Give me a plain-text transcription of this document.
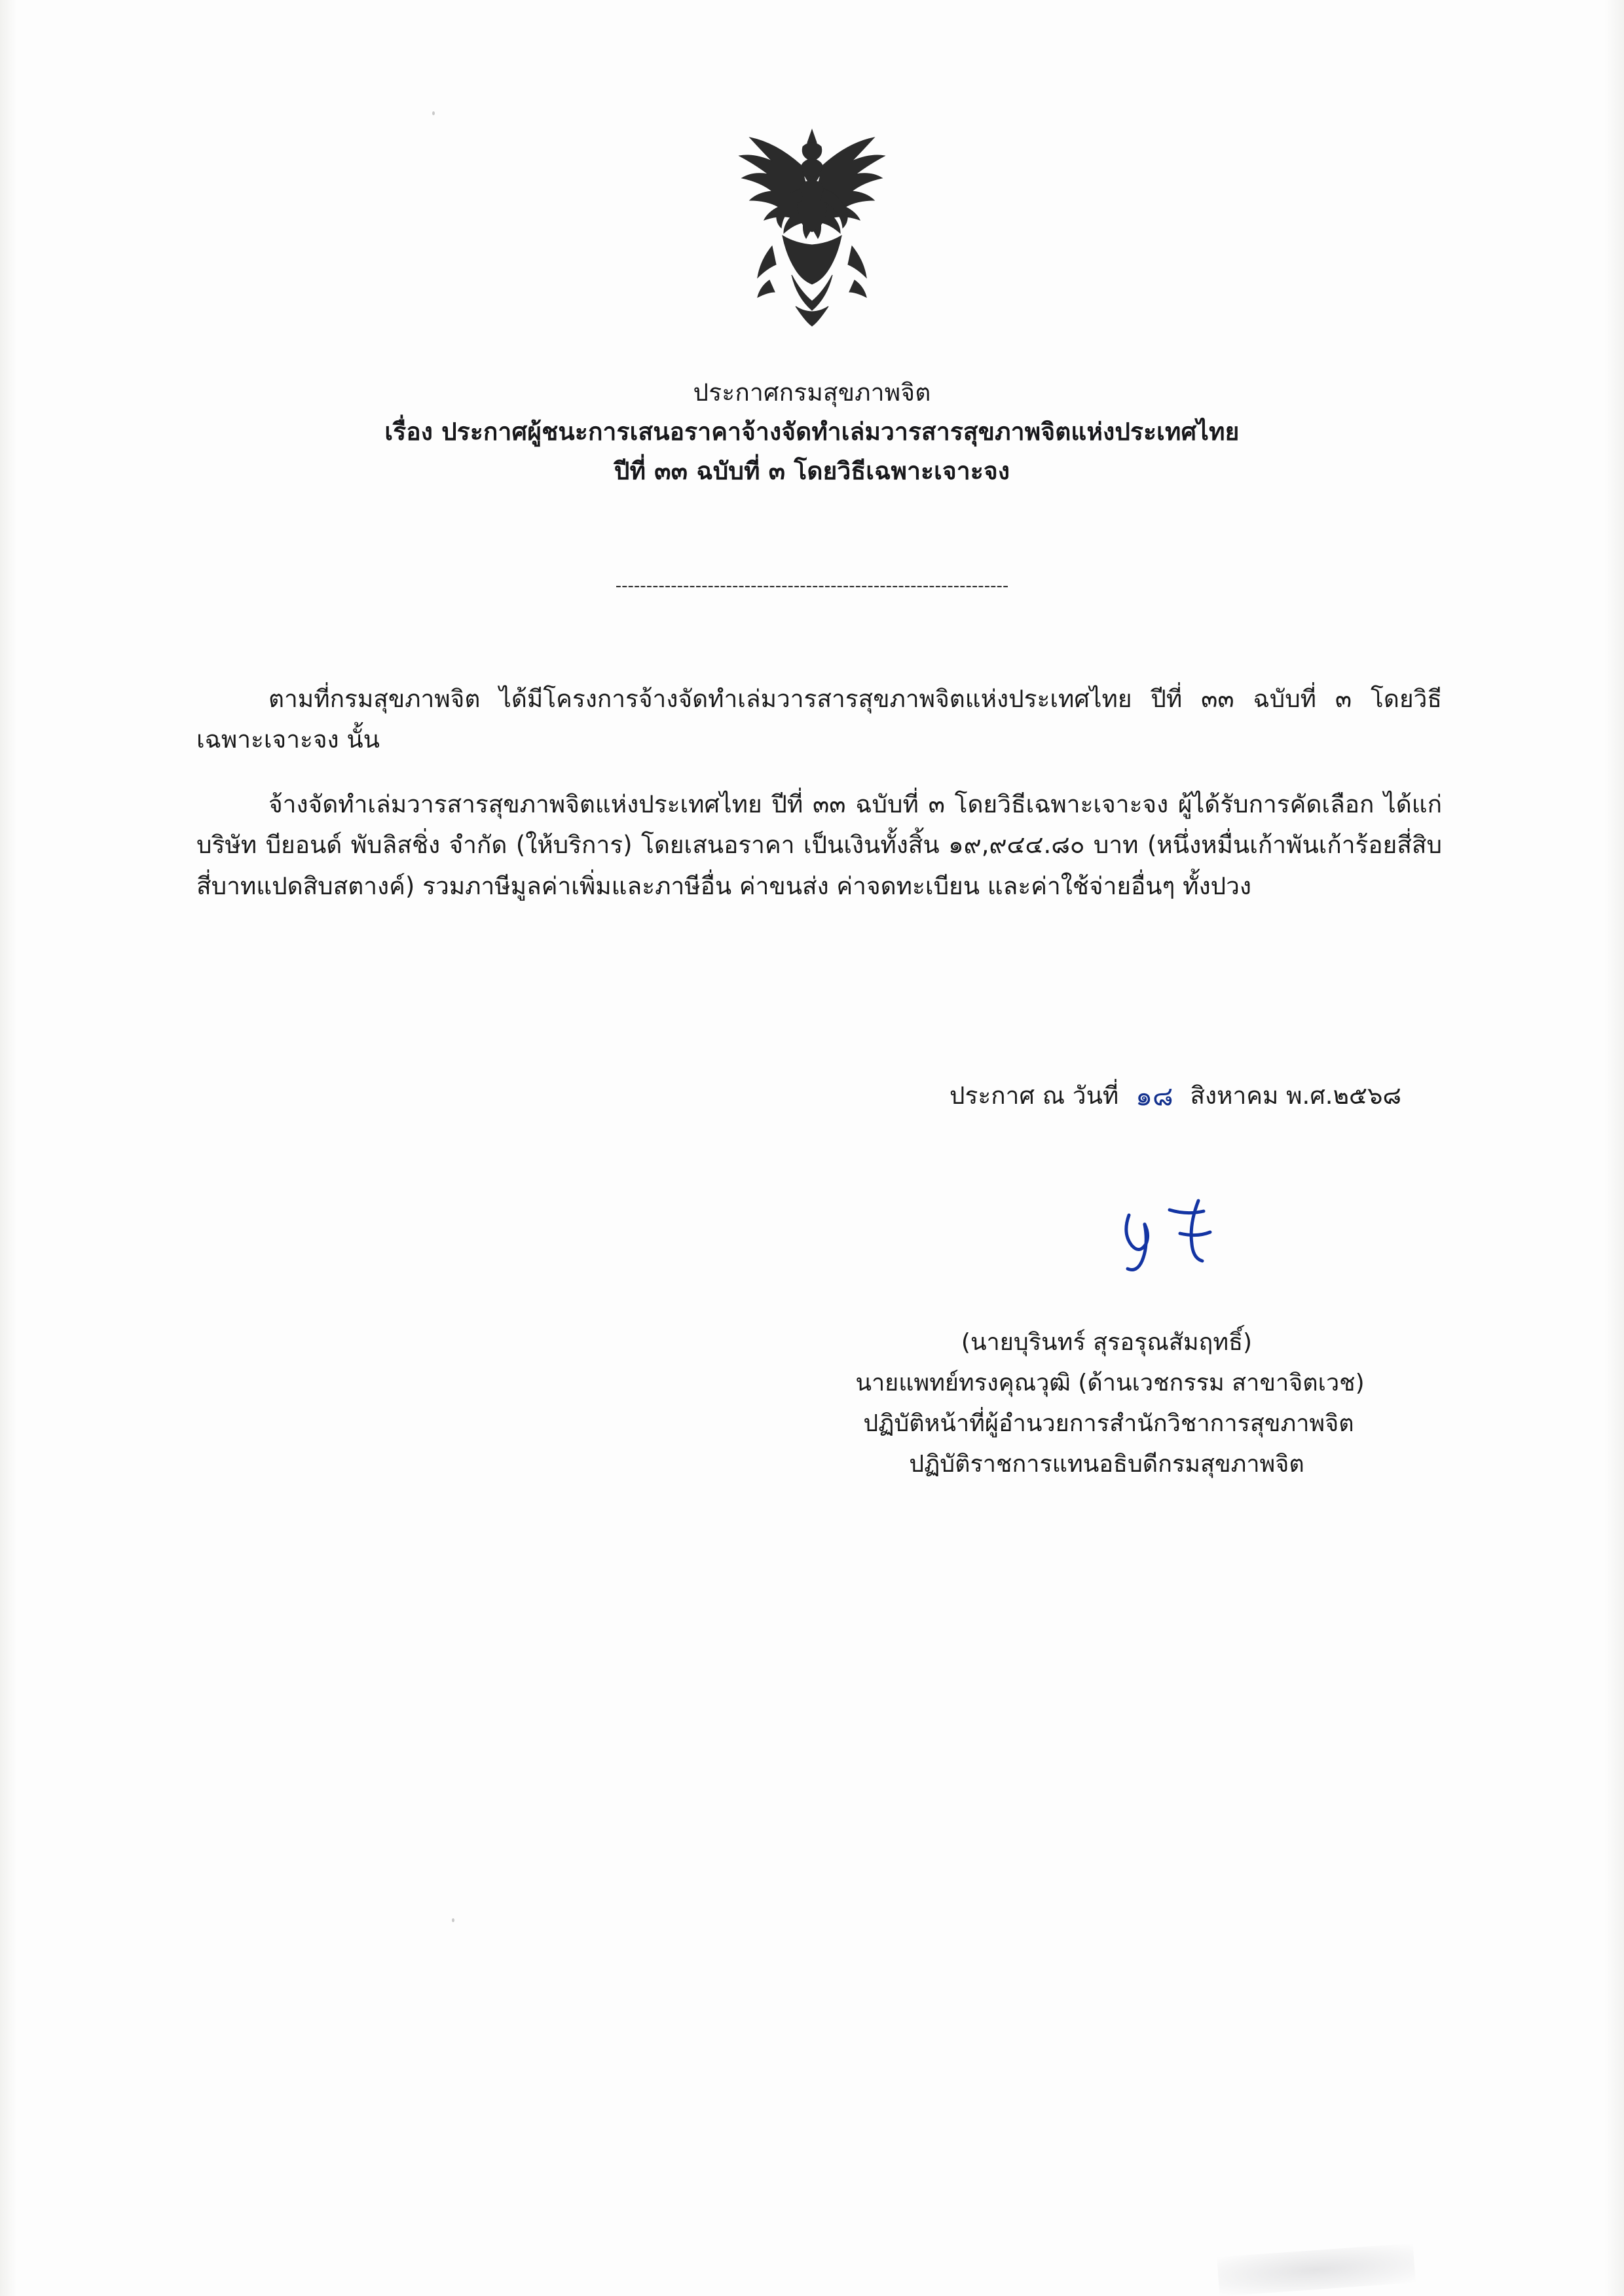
ประกาศกรมสุขภาพจิต
เรื่อง ประกาศผู้ชนะการเสนอราคาจ้างจัดทำเล่มวารสารสุขภาพจิตแห่งประเทศไทย
ปีที่ ๓๓ ฉบับที่ ๓ โดยวิธีเฉพาะเจาะจง
----------------------------------------------------------------

ตามที่กรมสุขภาพจิต ได้มีโครงการจ้างจัดทำเล่มวารสารสุขภาพจิตแห่งประเทศไทย ปีที่ ๓๓ ฉบับที่ ๓ โดยวิธีเฉพาะเจาะจง นั้น

จ้างจัดทำเล่มวารสารสุขภาพจิตแห่งประเทศไทย ปีที่ ๓๓ ฉบับที่ ๓ โดยวิธีเฉพาะเจาะจง ผู้ได้รับการคัดเลือก ได้แก่ บริษัท บียอนด์ พับลิสชิ่ง จำกัด (ให้บริการ) โดยเสนอราคา เป็นเงินทั้งสิ้น ๑๙,๙๔๔.๘๐ บาท (หนึ่งหมื่นเก้าพันเก้าร้อยสี่สิบสี่บาทแปดสิบสตางค์) รวมภาษีมูลค่าเพิ่มและภาษีอื่น ค่าขนส่ง ค่าจดทะเบียน และค่าใช้จ่ายอื่นๆ ทั้งปวง

ประกาศ ณ วันที่ ๑๘ สิงหาคม พ.ศ.๒๕๖๘
(นายบุรินทร์ สุรอรุณสัมฤทธิ์)
นายแพทย์ทรงคุณวุฒิ (ด้านเวชกรรม สาขาจิตเวช)
ปฏิบัติหน้าที่ผู้อำนวยการสำนักวิชาการสุขภาพจิต
ปฏิบัติราชการแทนอธิบดีกรมสุขภาพจิต
